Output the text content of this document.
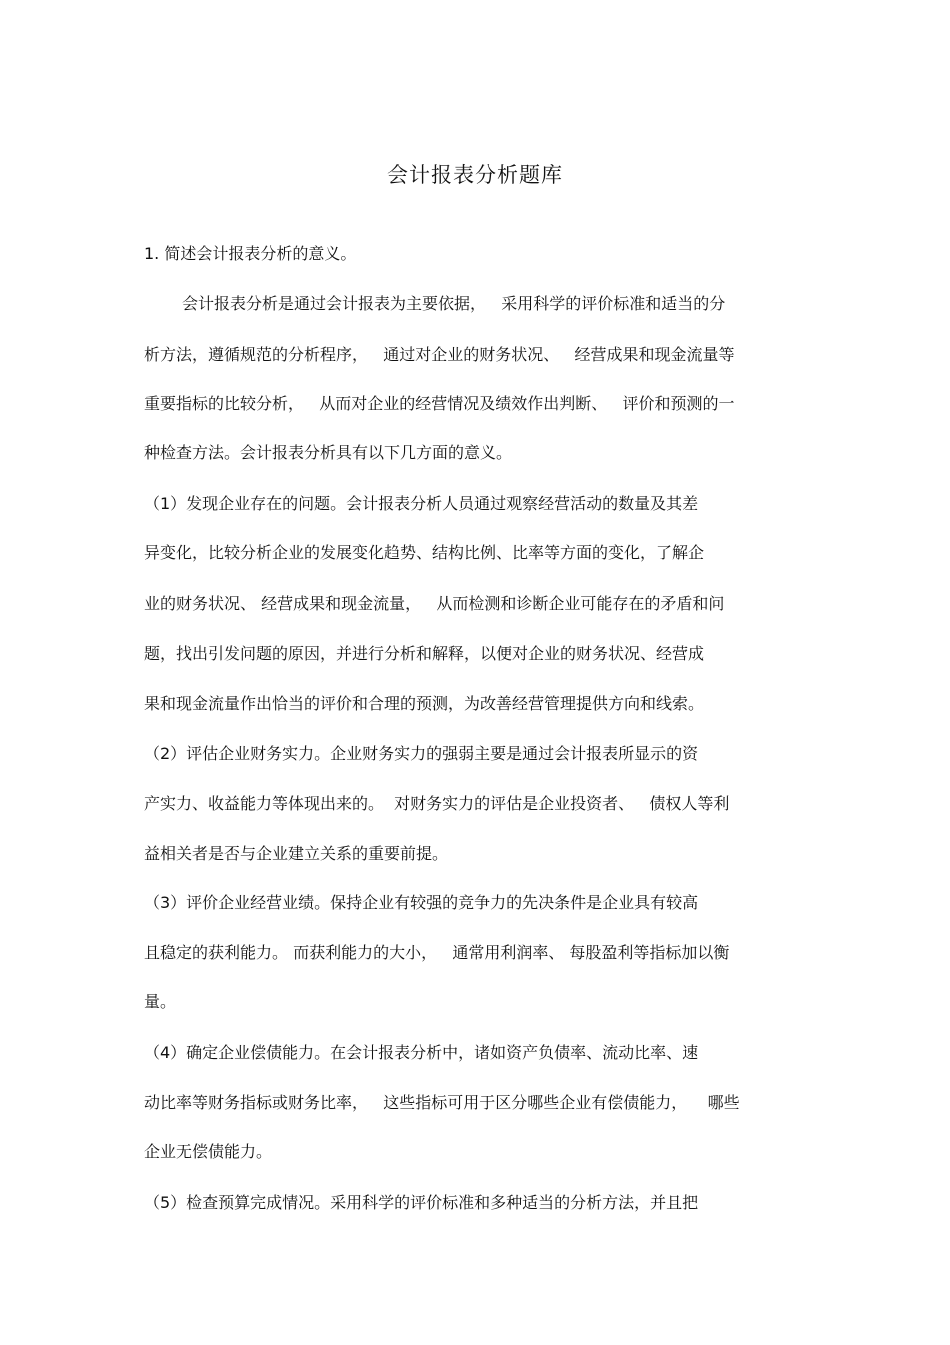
会计报表分析题库
1. 简述会计报表分析的意义。
会计报表分析是通过会计报表为主要依据，   采用科学的评价标准和适当的分
析方法，遵循规范的分析程序，   通过对企业的财务状况、   经营成果和现金流量等
重要指标的比较分析，   从而对企业的经营情况及绩效作出判断、   评价和预测的一
种检查方法。会计报表分析具有以下几方面的意义。
（1）发现企业存在的问题。会计报表分析人员通过观察经营活动的数量及其差
异变化，比较分析企业的发展变化趋势、结构比例、比率等方面的变化，了解企
业的财务状况、 经营成果和现金流量，   从而检测和诊断企业可能存在的矛盾和问
题，找出引发问题的原因，并进行分析和解释，以便对企业的财务状况、经营成
果和现金流量作出恰当的评价和合理的预测，为改善经营管理提供方向和线索。
（2）评估企业财务实力。企业财务实力的强弱主要是通过会计报表所显示的资
产实力、收益能力等体现出来的。  对财务实力的评估是企业投资者、   债权人等利
益相关者是否与企业建立关系的重要前提。
（3）评价企业经营业绩。保持企业有较强的竞争力的先决条件是企业具有较高
且稳定的获利能力。 而获利能力的大小，   通常用利润率、 每股盈利等指标加以衡
量。
（4）确定企业偿债能力。在会计报表分析中，诸如资产负债率、流动比率、速
动比率等财务指标或财务比率，   这些指标可用于区分哪些企业有偿债能力，    哪些
企业无偿债能力。
（5）检查预算完成情况。采用科学的评价标准和多种适当的分析方法，并且把
